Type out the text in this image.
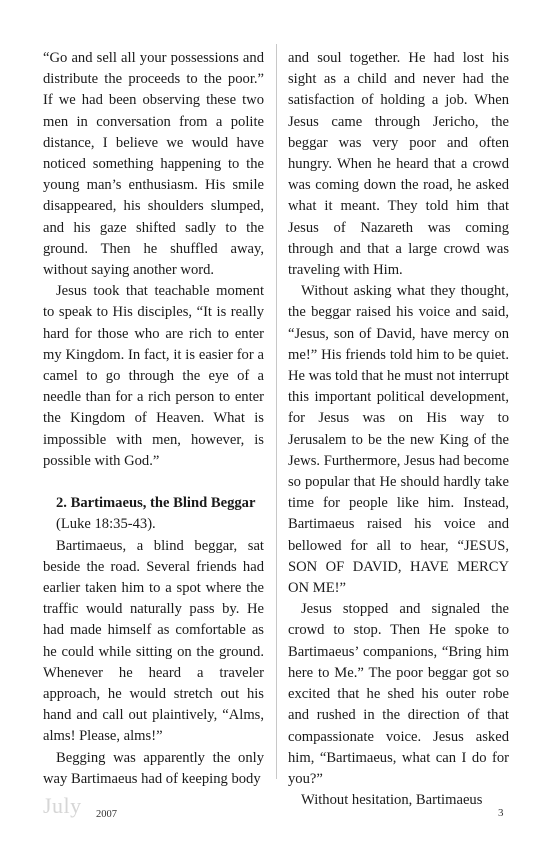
“Go and sell all your possessions and distribute the proceeds to the poor.” If we had been observing these two men in conversation from a polite distance, I believe we would have noticed something happening to the young man’s enthusiasm. His smile disappeared, his shoulders slumped, and his gaze shifted sadly to the ground. Then he shuffled away, without saying another word.

Jesus took that teachable moment to speak to His disciples, “It is really hard for those who are rich to enter my Kingdom. In fact, it is easier for a camel to go through the eye of a needle than for a rich person to enter the Kingdom of Heaven. What is impossible with men, however, is possible with God.”

2. Bartimaeus, the Blind Beggar

(Luke 18:35-43).

Bartimaeus, a blind beggar, sat beside the road. Several friends had earlier taken him to a spot where the traffic would naturally pass by. He had made himself as comfortable as he could while sitting on the ground. Whenever he heard a traveler approach, he would stretch out his hand and call out plaintively, “Alms, alms! Please, alms!”

Begging was apparently the only way Bartimaeus had of keeping body

and soul together. He had lost his sight as a child and never had the satisfaction of holding a job. When Jesus came through Jericho, the beggar was very poor and often hungry. When he heard that a crowd was coming down the road, he asked what it meant. They told him that Jesus of Nazareth was coming through and that a large crowd was traveling with Him.

Without asking what they thought, the beggar raised his voice and said, “Jesus, son of David, have mercy on me!” His friends told him to be quiet. He was told that he must not interrupt this important political development, for Jesus was on His way to Jerusalem to be the new King of the Jews. Furthermore, Jesus had become so popular that He should hardly take time for people like him. Instead, Bartimaeus raised his voice and bellowed for all to hear, “JESUS, SON OF DAVID, HAVE MERCY ON ME!”

Jesus stopped and signaled the crowd to stop. Then He spoke to Bartimaeus’ companions, “Bring him here to Me.” The poor beggar got so excited that he shed his outer robe and rushed in the direction of that compassionate voice. Jesus asked him, “Bartimaeus, what can I do for you?”

Without hesitation, Bartimaeus

July 2007	3
